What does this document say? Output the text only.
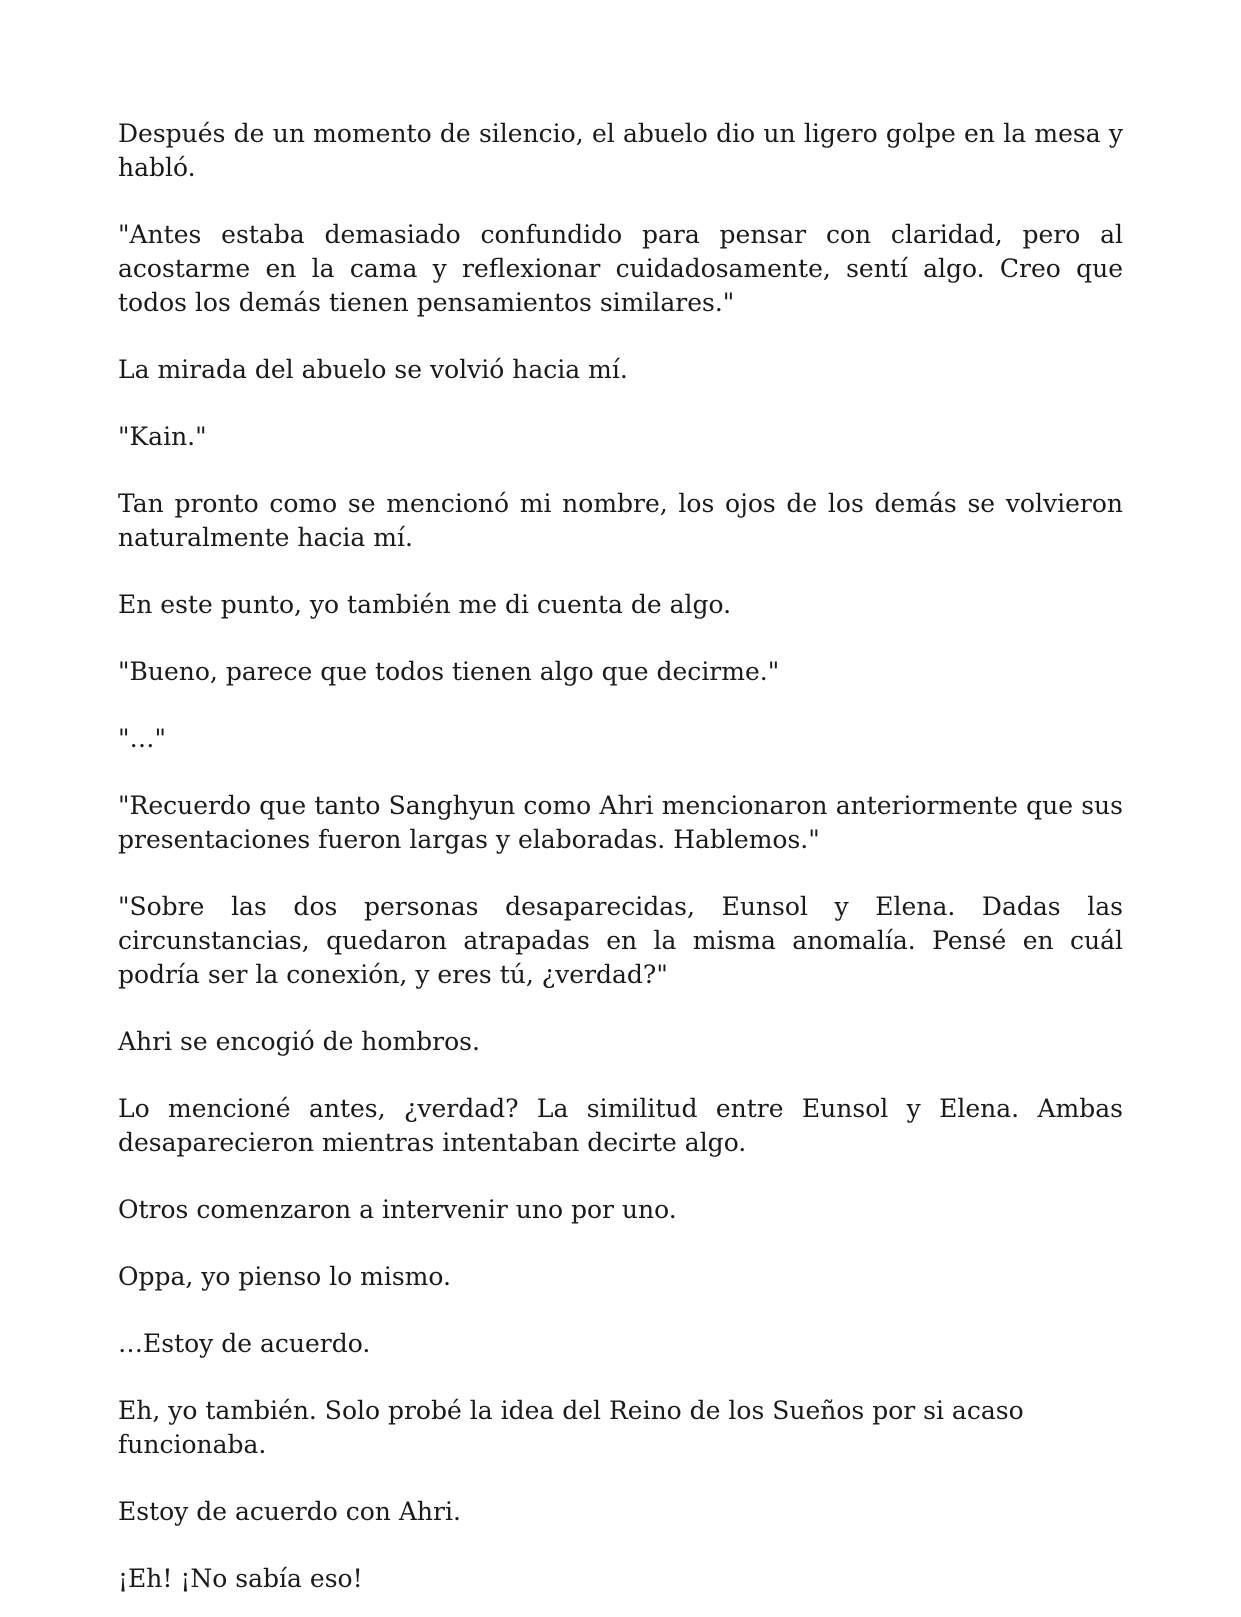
Después de un momento de silencio, el abuelo dio un ligero golpe en la mesa y habló.

"Antes estaba demasiado confundido para pensar con claridad, pero al acostarme en la cama y reflexionar cuidadosamente, sentí algo. Creo que todos los demás tienen pensamientos similares."

La mirada del abuelo se volvió hacia mí.

"Kain."

Tan pronto como se mencionó mi nombre, los ojos de los demás se volvieron naturalmente hacia mí.

En este punto, yo también me di cuenta de algo.

"Bueno, parece que todos tienen algo que decirme."

"…"

"Recuerdo que tanto Sanghyun como Ahri mencionaron anteriormente que sus presentaciones fueron largas y elaboradas. Hablemos."

"Sobre las dos personas desaparecidas, Eunsol y Elena. Dadas las circunstancias, quedaron atrapadas en la misma anomalía. Pensé en cuál podría ser la conexión, y eres tú, ¿verdad?"

Ahri se encogió de hombros.

Lo mencioné antes, ¿verdad? La similitud entre Eunsol y Elena. Ambas desaparecieron mientras intentaban decirte algo.

Otros comenzaron a intervenir uno por uno.

Oppa, yo pienso lo mismo.

…Estoy de acuerdo.

Eh, yo también. Solo probé la idea del Reino de los Sueños por si acaso funcionaba.

Estoy de acuerdo con Ahri.

¡Eh! ¡No sabía eso!
